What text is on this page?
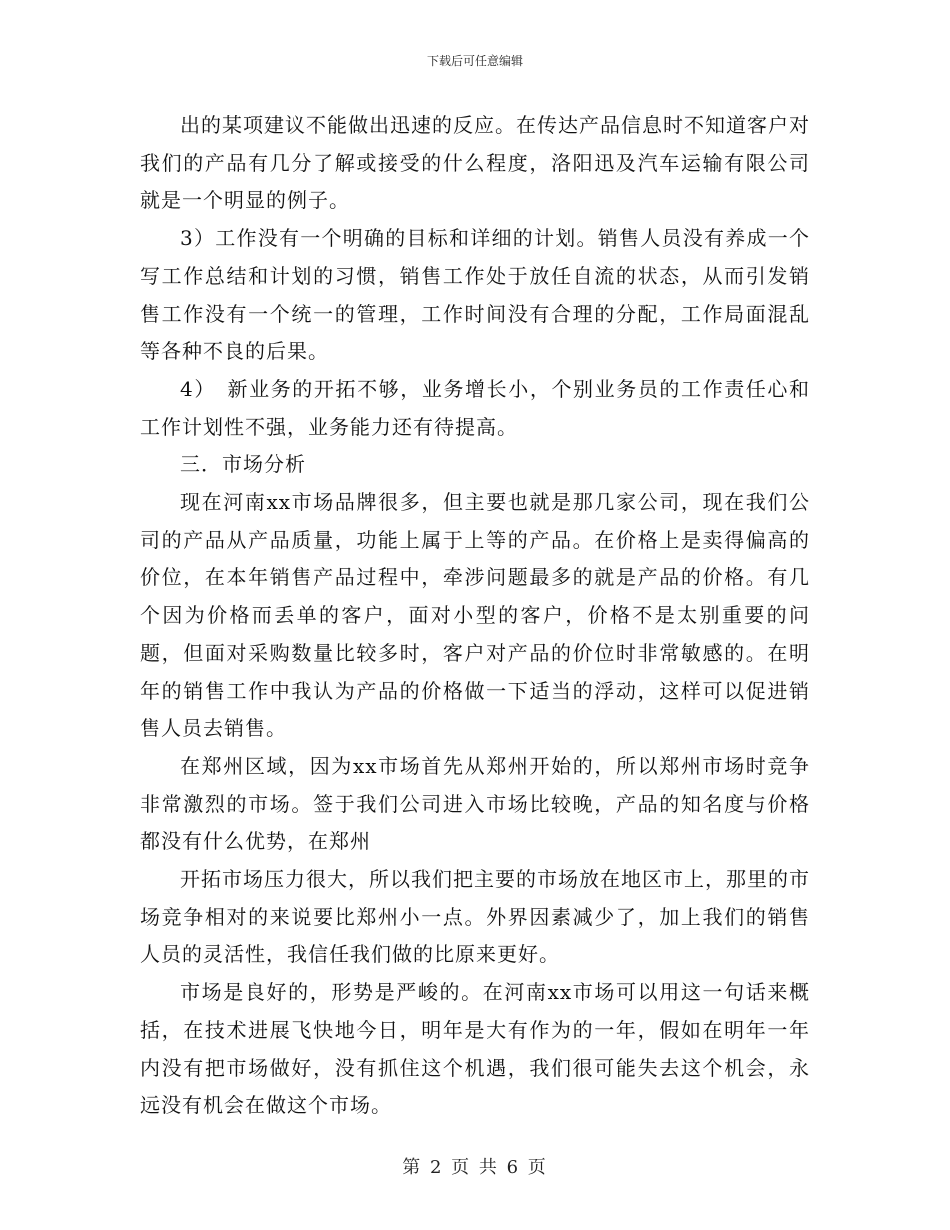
下载后可任意编辑

出的某项建议不能做出迅速的反应。在传达产品信息时不知道客户对我们的产品有几分了解或接受的什么程度，洛阳迅及汽车运输有限公司就是一个明显的例子。

3）工作没有一个明确的目标和详细的计划。销售人员没有养成一个写工作总结和计划的习惯，销售工作处于放任自流的状态，从而引发销售工作没有一个统一的管理，工作时间没有合理的分配，工作局面混乱等各种不良的后果。

4）　新业务的开拓不够，业务增长小，个别业务员的工作责任心和工作计划性不强，业务能力还有待提高。

三．市场分析

现在河南xx市场品牌很多，但主要也就是那几家公司，现在我们公司的产品从产品质量，功能上属于上等的产品。在价格上是卖得偏高的价位，在本年销售产品过程中，牵涉问题最多的就是产品的价格。有几个因为价格而丢单的客户，面对小型的客户，价格不是太别重要的问题，但面对采购数量比较多时，客户对产品的价位时非常敏感的。在明年的销售工作中我认为产品的价格做一下适当的浮动，这样可以促进销售人员去销售。

在郑州区域，因为xx市场首先从郑州开始的，所以郑州市场时竞争非常激烈的市场。签于我们公司进入市场比较晚，产品的知名度与价格都没有什么优势，在郑州

开拓市场压力很大，所以我们把主要的市场放在地区市上，那里的市场竞争相对的来说要比郑州小一点。外界因素减少了，加上我们的销售人员的灵活性，我信任我们做的比原来更好。

市场是良好的，形势是严峻的。在河南xx市场可以用这一句话来概括，在技术进展飞快地今日，明年是大有作为的一年，假如在明年一年内没有把市场做好，没有抓住这个机遇，我们很可能失去这个机会，永远没有机会在做这个市场。

第 2 页 共 6 页
